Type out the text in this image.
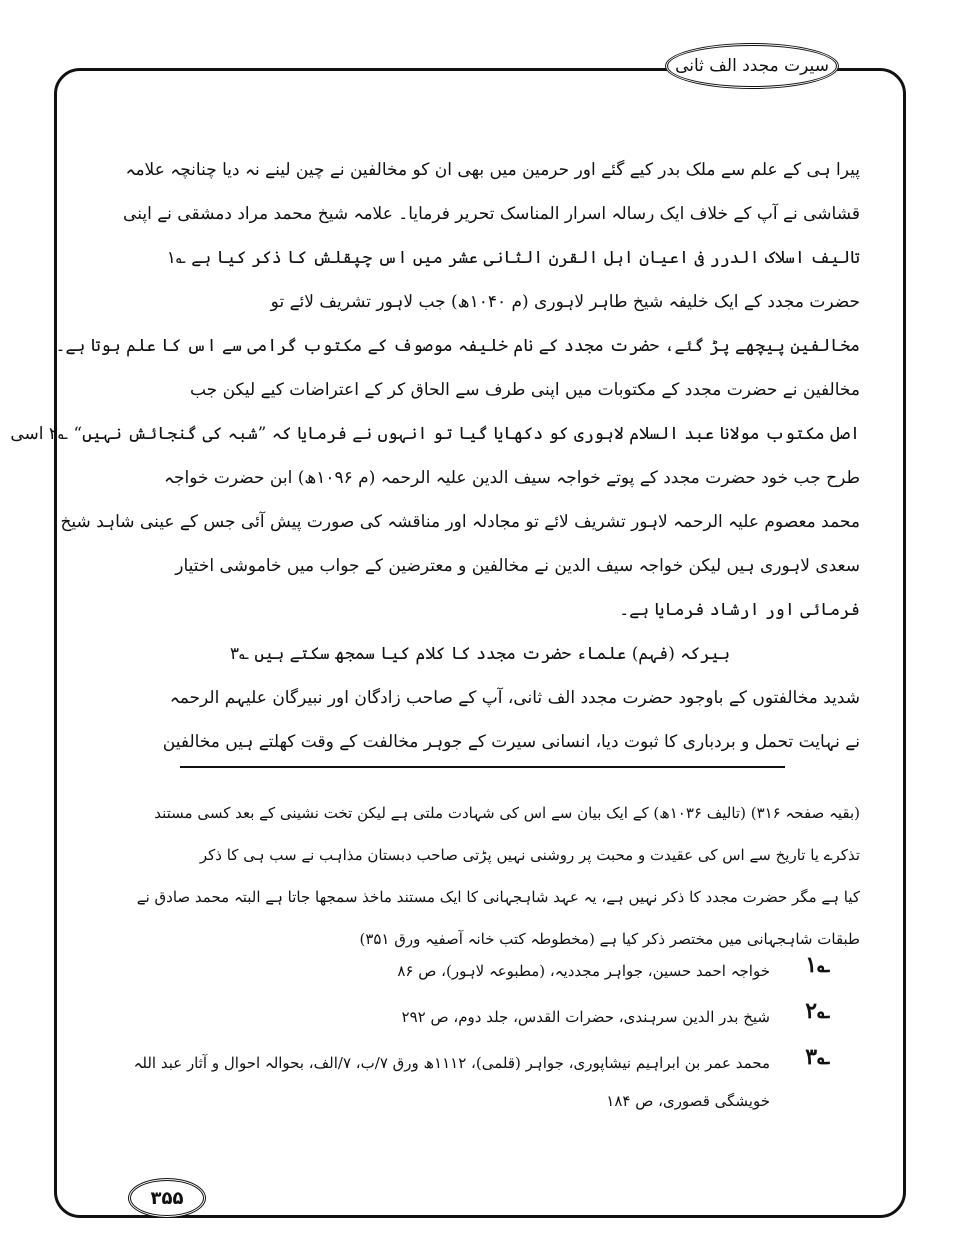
سیرت مجدد الف ثانی
پیرا ہی کے علم سے ملک بدر کیے گئے اور حرمین میں بھی ان کو مخالفین نے چین لینے نہ دیا چنانچہ علامہ
قشاشی نے آپ کے خلاف ایک رسالہ اسرار المناسک تحریر فرمایا۔ علامہ شیخ محمد مراد دمشقی نے اپنی
تالیف اسلاک الدرر فی اعیان اہل القرن الثانی عشر میں اس چپقلش کا ذکر کیا ہے ؎۱
حضرت مجدد کے ایک خلیفہ شیخ طاہر لاہوری (م ۱۰۴۰ھ) جب لاہور تشریف لائے تو
مخالفین پیچھے پڑ گئے، حضرت مجدد کے نام خلیفہ موصوف کے مکتوب گرامی سے اس کا علم ہوتا ہے۔
مخالفین نے حضرت مجدد کے مکتوبات میں اپنی طرف سے الحاق کر کے اعتراضات کیے لیکن جب
اصل مکتوب مولانا عبد السلام لاہوری کو دکھایا گیا تو انہوں نے فرمایا کہ ”شبہ کی گنجائش نہیں“ ؎۲ اسی
طرح جب خود حضرت مجدد کے پوتے خواجہ سیف الدین علیہ الرحمہ (م ۱۰۹۶ھ) ابن حضرت خواجہ
محمد معصوم علیہ الرحمہ لاہور تشریف لائے تو مجادلہ اور مناقشہ کی صورت پیش آئی جس کے عینی شاہد شیخ
سعدی لاہوری ہیں لیکن خواجہ سیف الدین نے مخالفین و معترضین کے جواب میں خاموشی اختیار
فرمائی اور ارشاد فرمایا ہے۔
بیرکہ (فہم) علماء حضرت مجدد کا کلام کیا سمجھ سکتے ہیں ؎۳
شدید مخالفتوں کے باوجود حضرت مجدد الف ثانی، آپ کے صاحب زادگان اور نبیرگان علیہم الرحمہ
نے نہایت تحمل و بردباری کا ثبوت دیا، انسانی سیرت کے جوہر مخالفت کے وقت کھلتے ہیں مخالفین
(بقیہ صفحہ ۳۱۶) (تالیف ۱۰۳۶ھ) کے ایک بیان سے اس کی شہادت ملتی ہے لیکن تخت نشینی کے بعد کسی مستند
تذکرے یا تاریخ سے اس کی عقیدت و محبت پر روشنی نہیں پڑتی صاحب دبستان مذاہب نے سب ہی کا ذکر
کیا ہے مگر حضرت مجدد کا ذکر نہیں ہے، یہ عہد شاہجہانی کا ایک مستند ماخذ سمجھا جاتا ہے البتہ محمد صادق نے
طبقات شاہجہانی میں مختصر ذکر کیا ہے (مخطوطہ کتب خانہ آصفیہ ورق ۳۵۱)
؎۱
خواجہ احمد حسین، جواہر مجددیہ، (مطبوعہ لاہور)، ص ۸۶
؎۲
شیخ بدر الدین سرہندی، حضرات القدس، جلد دوم، ص ۲۹۲
؎۳
محمد عمر بن ابراہیم نیشاپوری، جواہر (قلمی)، ۱۱۱۲ھ ورق ۷/ب، ۷/الف، بحوالہ احوال و آثار عبد اللہ خویشگی قصوری، ص ۱۸۴
۳۵۵
